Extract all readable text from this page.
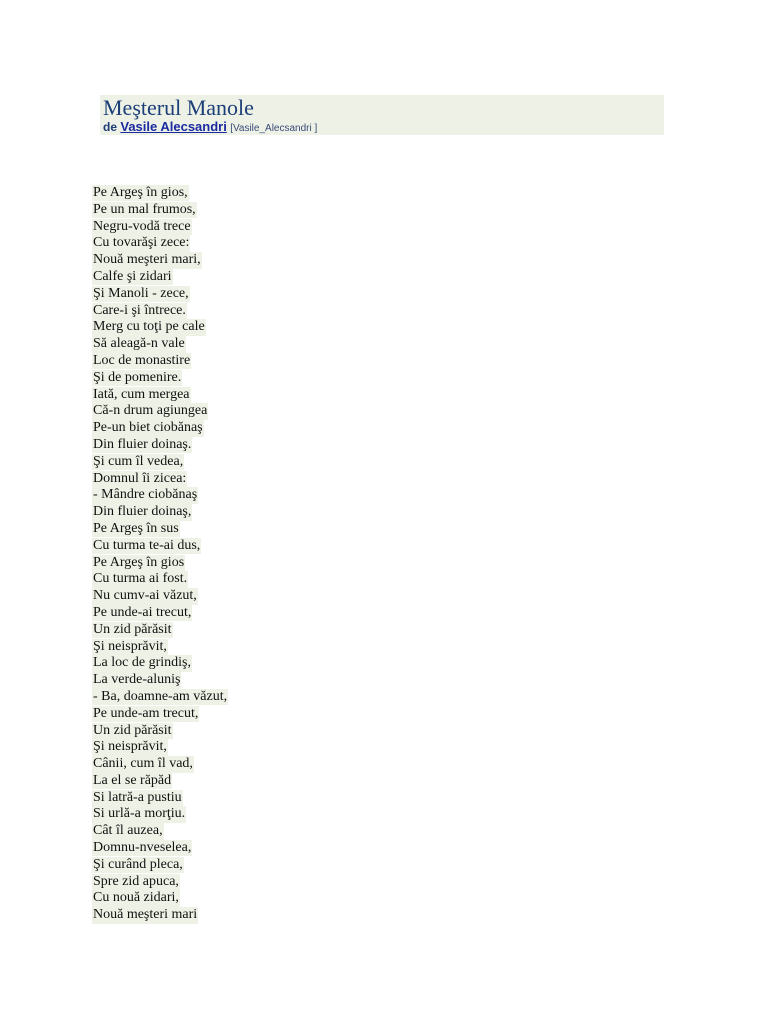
Meşterul Manole
de Vasile Alecsandri [Vasile_Alecsandri ]
Pe Argeş în gios,
Pe un mal frumos,
Negru-vodă trece
Cu tovarăşi zece:
Nouă meşteri mari,
Calfe şi zidari
Şi Manoli - zece,
Care-i şi întrece.
Merg cu toţi pe cale
Să aleagă-n vale
Loc de monastire
Şi de pomenire.
Iată, cum mergea
Că-n drum agiungea
Pe-un biet ciobănaş
Din fluier doinaş.
Şi cum îl vedea,
Domnul îi zicea:
- Mândre ciobănaş
Din fluier doinaş,
Pe Argeş în sus
Cu turma te-ai dus,
Pe Argeş în gios
Cu turma ai fost.
Nu cumv-ai văzut,
Pe unde-ai trecut,
Un zid părăsit
Şi neisprăvit,
La loc de grindiş,
La verde-aluniş
- Ba, doamne-am văzut,
Pe unde-am trecut,
Un zid părăsit
Şi neisprăvit,
Cânii, cum îl vad,
La el se răpăd
Si latră-a pustiu
Si urlă-a morţiu.
Cât îl auzea,
Domnu-nveselea,
Şi curând pleca,
Spre zid apuca,
Cu nouă zidari,
Nouă meşteri mari
